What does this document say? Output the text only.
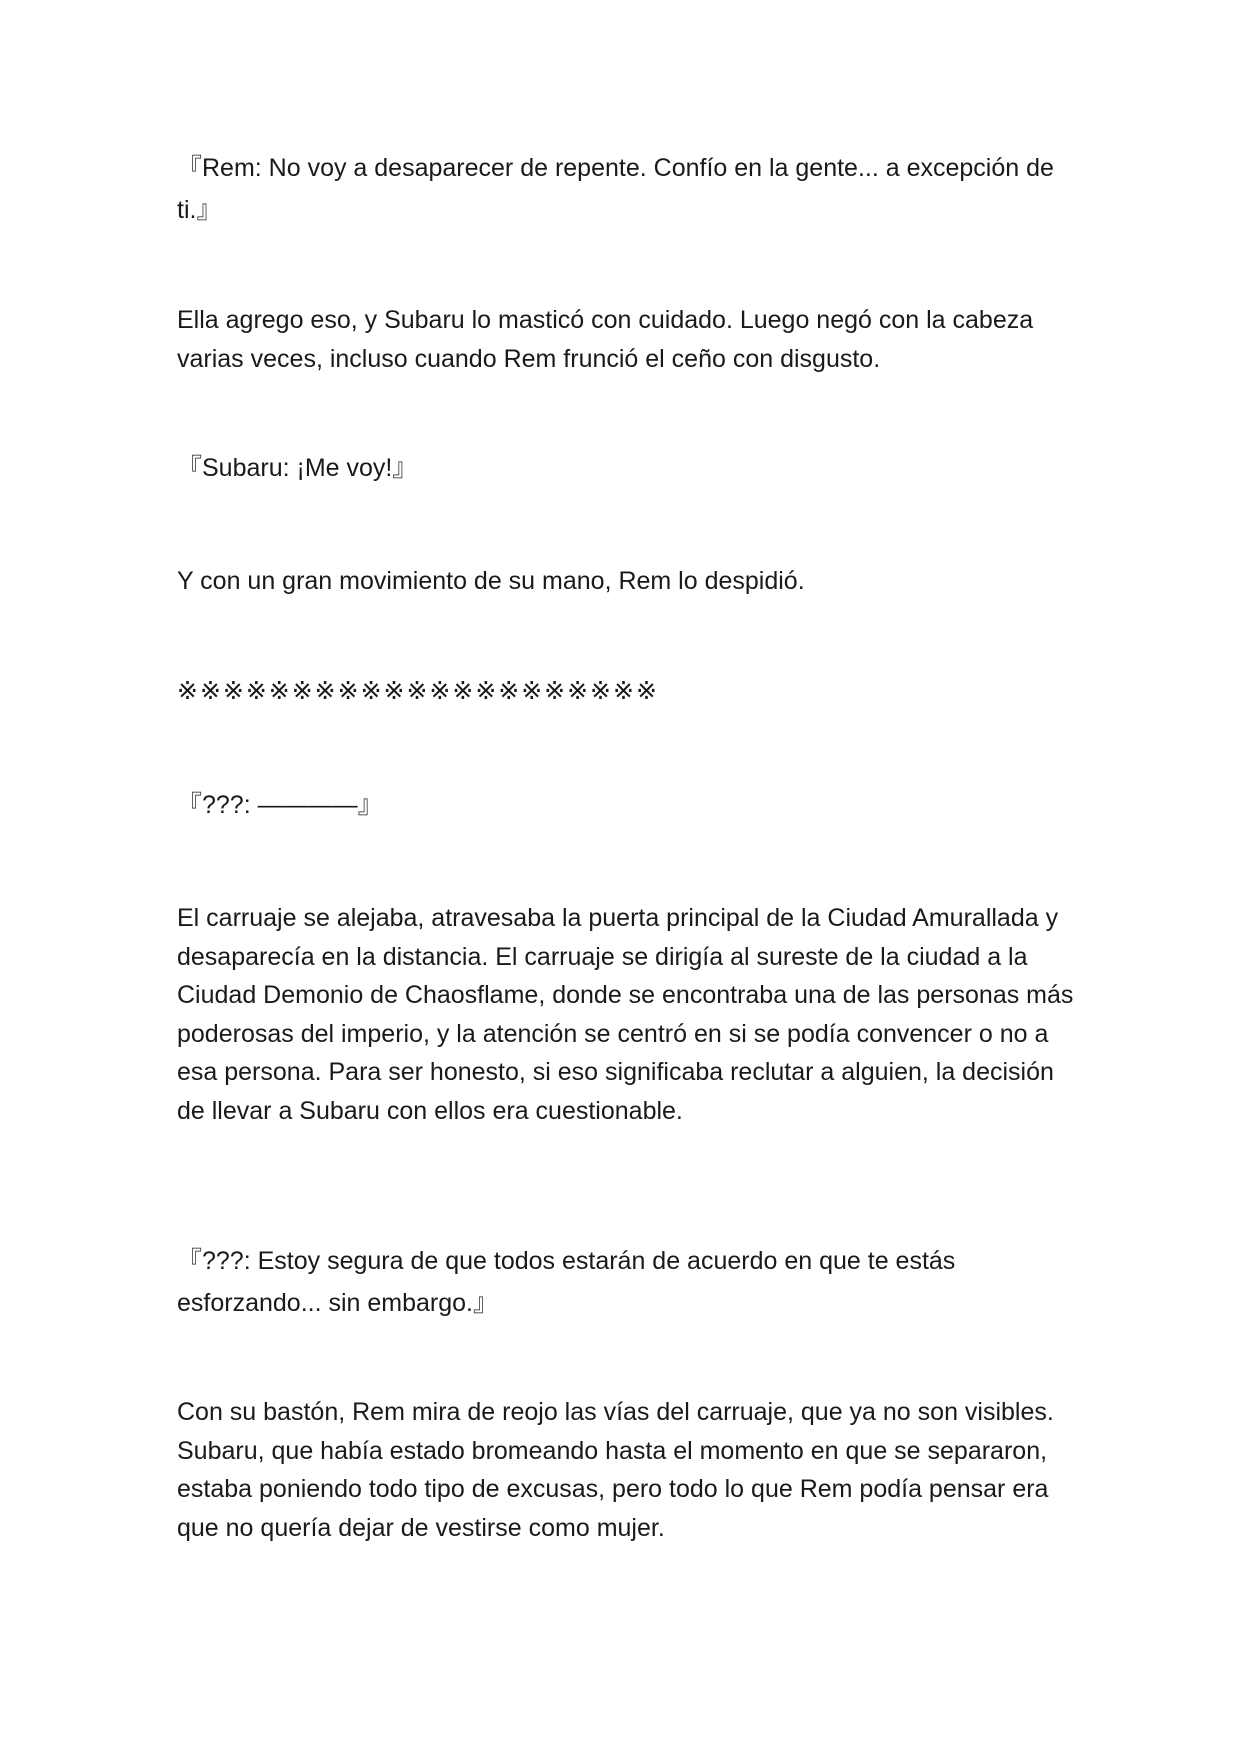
『Rem: No voy a desaparecer de repente. Confío en la gente... a excepción de ti.』

Ella agrego eso, y Subaru lo masticó con cuidado. Luego negó con la cabeza varias veces, incluso cuando Rem frunció el ceño con disgusto.

『Subaru: ¡Me voy!』

Y con un gran movimiento de su mano, Rem lo despidió.

※※※※※※※※※※※※※※※※※※※※※

『???: ————』

El carruaje se alejaba, atravesaba la puerta principal de la Ciudad Amurallada y desaparecía en la distancia. El carruaje se dirigía al sureste de la ciudad a la Ciudad Demonio de Chaosflame, donde se encontraba una de las personas más poderosas del imperio, y la atención se centró en si se podía convencer o no a esa persona. Para ser honesto, si eso significaba reclutar a alguien, la decisión de llevar a Subaru con ellos era cuestionable.

『???: Estoy segura de que todos estarán de acuerdo en que te estás esforzando... sin embargo.』

Con su bastón, Rem mira de reojo las vías del carruaje, que ya no son visibles. Subaru, que había estado bromeando hasta el momento en que se separaron, estaba poniendo todo tipo de excusas, pero todo lo que Rem podía pensar era que no quería dejar de vestirse como mujer.
